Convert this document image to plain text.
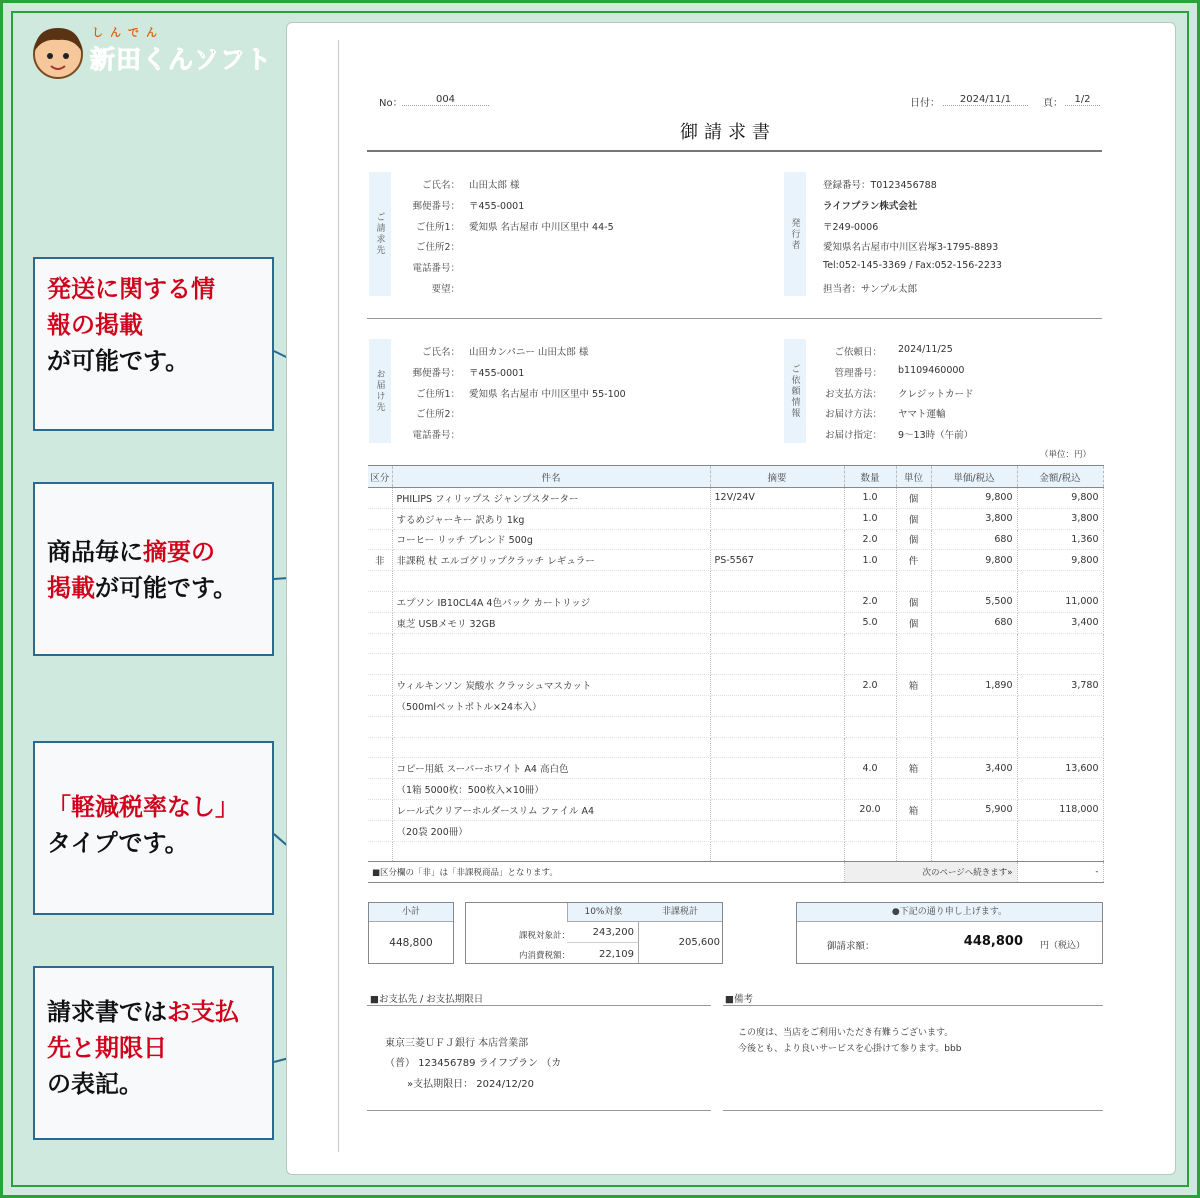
しんでん
新田くんソフト
発送に関する情
報の掲載
が可能です。
商品毎に摘要の
掲載が可能です。
「軽減税率なし」
タイプです。
請求書ではお支払先と期限日
の表記。
No：	004	日付：	2024/11/1	頁：	1/2
御請求書
ご請求先
ご氏名： 山田太郎 様
郵便番号： 〒455-0001
ご住所1： 愛知県 名古屋市 中川区里中 44-5
ご住所2：
電話番号：
要望：
発行者
登録番号：T0123456788
ライフプラン株式会社
〒249-0006
愛知県名古屋市中川区岩塚3-1795-8893
Tel:052-145-3369 / Fax:052-156-2233
担当者：サンプル太郎
お届け先
ご氏名： 山田カンパニー 山田太郎 様
郵便番号： 〒455-0001
ご住所1： 愛知県 名古屋市 中川区里中 55-100
ご住所2：
電話番号：
ご依頼情報
ご依頼日： 2024/11/25
管理番号： b1109460000
お支払方法： クレジットカード
お届け方法： ヤマト運輸
お届け指定： 9〜13時（午前）
（単位：円）
区分	件名	摘要	数量	単位	単価/税込	金額/税込
	PHILIPS フィリップス ジャンプスターター	12V/24V	1.0	個	9,800	9,800
	するめジャーキー 訳あり 1kg		1.0	個	3,800	3,800
	コーヒー リッチ ブレンド 500g		2.0	個	680	1,360
非	非課税 杖 エルゴグリップクラッチ レギュラー	PS-5567	1.0	件	9,800	9,800

	エプソン IB10CL4A 4色パック カートリッジ		2.0	個	5,500	11,000
	東芝 USBメモリ 32GB		5.0	個	680	3,400

	ウィルキンソン 炭酸水 クラッシュマスカット		2.0	箱	1,890	3,780
	（500mlペットボトル×24本入）					

	コピー用紙 スーパーホワイト A4 高白色		4.0	箱	3,400	13,600
	（1箱 5000枚：500枚入×10冊）					
	レール式クリアーホルダースリム ファイル A4		20.0	箱	5,900	118,000
	（20袋 200冊）					

■区分欄の「非」は「非課税商品」となります。			次のページへ続きます»			-
小計
448,800
10%対象	非課税計
課税対象計：	243,200
内消費税額：	22,109
205,600
●下記の通り申し上げます。
御請求額：	448,800 円（税込）
■お支払先 / お支払期限日
東京三菱ＵＦＪ銀行 本店営業部
（普） 123456789 ライフプラン （カ
»支払期限日： 2024/12/20
■備考
この度は、当店をご利用いただき有難うございます。
今後とも、より良いサービスを心掛けて参ります。bbb
